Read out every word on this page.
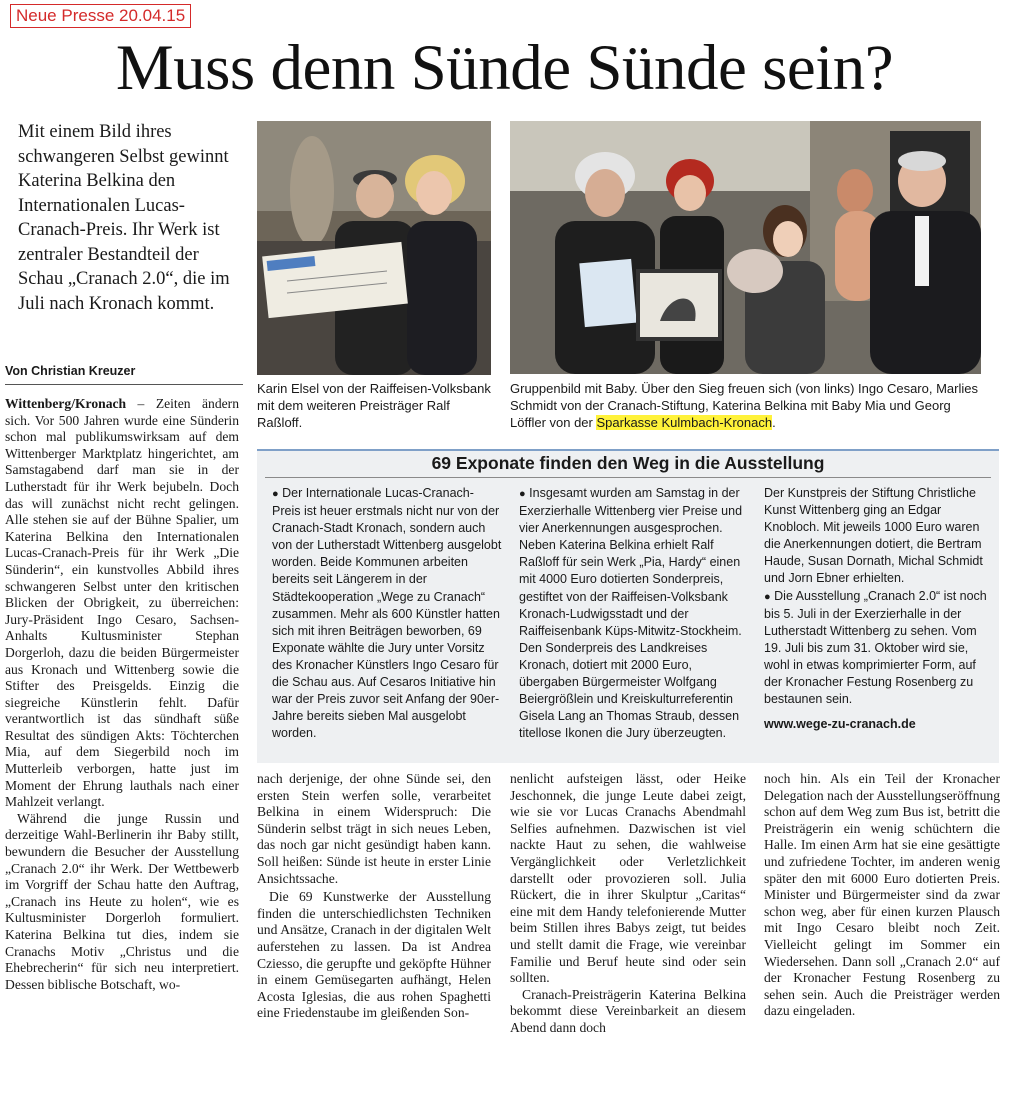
Neue Presse 20.04.15
Muss denn Sünde Sünde sein?

Mit einem Bild ihres schwangeren Selbst gewinnt Katerina Belkina den Internationalen Lucas-Cranach-Preis. Ihr Werk ist zentraler Bestandteil der Schau „Cranach 2.0“, die im Juli nach Kronach kommt.

Von Christian Kreuzer
Karin Elsel von der Raiffeisen-Volksbank mit dem weiteren Preisträger Ralf Raßloff.
Gruppenbild mit Baby. Über den Sieg freuen sich (von links) Ingo Cesaro, Marlies Schmidt von der Cranach-Stiftung, Katerina Belkina mit Baby Mia und Georg Löffler von der Sparkasse Kulmbach-Kronach.

Wittenberg/Kronach – Zeiten ändern sich. Vor 500 Jahren wurde eine Sünderin schon mal publikumswirksam auf dem Wittenberger Marktplatz hingerichtet, am Samstagabend darf man sie in der Lutherstadt für ihr Werk bejubeln. Doch das will zunächst nicht recht gelingen. Alle stehen sie auf der Bühne Spalier, um Katerina Belkina den Internationalen Lucas-Cranach-Preis für ihr Werk „Die Sünderin“, ein kunstvolles Abbild ihres schwangeren Selbst unter den kritischen Blicken der Obrigkeit, zu überreichen: Jury-Präsident Ingo Cesaro, Sachsen-Anhalts Kultusminister Stephan Dorgerloh, dazu die beiden Bürgermeister aus Kronach und Wittenberg sowie die Stifter des Preisgelds. Einzig die siegreiche Künstlerin fehlt. Dafür verantwortlich ist das sündhaft süße Resultat des sündigen Akts: Töchterchen Mia, auf dem Siegerbild noch im Mutterleib verborgen, hatte just im Moment der Ehrung lauthals nach einer Mahlzeit verlangt.

Während die junge Russin und derzeitige Wahl-Berlinerin ihr Baby stillt, bewundern die Besucher der Ausstellung „Cranach 2.0“ ihr Werk. Der Wettbewerb im Vorgriff der Schau hatte den Auftrag, „Cranach ins Heute zu holen“, wie es Kultusminister Dorgerloh formuliert. Katerina Belkina tut dies, indem sie Cranachs Motiv „Christus und die Ehebrecherin“ für sich neu interpretiert. Dessen biblische Botschaft, wo-

69 Exponate finden den Weg in die Ausstellung

● Der Internationale Lucas-Cranach-Preis ist heuer erstmals nicht nur von der Cranach-Stadt Kronach, sondern auch von der Lutherstadt Wittenberg ausgelobt worden. Beide Kommunen arbeiten bereits seit Längerem in der Städtekooperation „Wege zu Cranach“ zusammen. Mehr als 600 Künstler hatten sich mit ihren Beiträgen beworben, 69 Exponate wählte die Jury unter Vorsitz des Kronacher Künstlers Ingo Cesaro für die Schau aus. Auf Cesaros Initiative hin war der Preis zuvor seit Anfang der 90er-Jahre bereits sieben Mal ausgelobt worden.

● Insgesamt wurden am Samstag in der Exerzierhalle Wittenberg vier Preise und vier Anerkennungen ausgesprochen. Neben Katerina Belkina erhielt Ralf Raßloff für sein Werk „Pia, Hardy“ einen mit 4000 Euro dotierten Sonderpreis, gestiftet von der Raiffeisen-Volksbank Kronach-Ludwigsstadt und der Raiffeisenbank Küps-Mitwitz-Stockheim. Den Sonderpreis des Landkreises Kronach, dotiert mit 2000 Euro, übergaben Bürgermeister Wolfgang Beiergrößlein und Kreiskulturreferentin Gisela Lang an Thomas Straub, dessen titellose Ikonen die Jury überzeugten.

Der Kunstpreis der Stiftung Christliche Kunst Wittenberg ging an Edgar Knobloch. Mit jeweils 1000 Euro waren die Anerkennungen dotiert, die Bertram Haude, Susan Dornath, Michal Schmidt und Jorn Ebner erhielten.

● Die Ausstellung „Cranach 2.0“ ist noch bis 5. Juli in der Exerzierhalle in der Lutherstadt Wittenberg zu sehen. Vom 19. Juli bis zum 31. Oktober wird sie, wohl in etwas komprimierter Form, auf der Kronacher Festung Rosenberg zu bestaunen sein.

www.wege-zu-cranach.de

nach derjenige, der ohne Sünde sei, den ersten Stein werfen solle, verarbeitet Belkina in einem Widerspruch: Die Sünderin selbst trägt in sich neues Leben, das noch gar nicht gesündigt haben kann. Soll heißen: Sünde ist heute in erster Linie Ansichtssache.

Die 69 Kunstwerke der Ausstellung finden die unterschiedlichsten Techniken und Ansätze, Cranach in der digitalen Welt auferstehen zu lassen. Da ist Andrea Cziesso, die gerupfte und geköpfte Hühner in einem Gemüsegarten aufhängt, Helen Acosta Iglesias, die aus rohen Spaghetti eine Friedenstaube im gleißenden Son-

nenlicht aufsteigen lässt, oder Heike Jeschonnek, die junge Leute dabei zeigt, wie sie vor Lucas Cranachs Abendmahl Selfies aufnehmen. Dazwischen ist viel nackte Haut zu sehen, die wahlweise Vergänglichkeit oder Verletzlichkeit darstellt oder provozieren soll. Julia Rückert, die in ihrer Skulptur „Caritas“ eine mit dem Handy telefonierende Mutter beim Stillen ihres Babys zeigt, tut beides und stellt damit die Frage, wie vereinbar Familie und Beruf heute sind oder sein sollten.

Cranach-Preisträgerin Katerina Belkina bekommt diese Vereinbarkeit an diesem Abend dann doch

noch hin. Als ein Teil der Kronacher Delegation nach der Ausstellungseröffnung schon auf dem Weg zum Bus ist, betritt die Preisträgerin ein wenig schüchtern die Halle. Im einen Arm hat sie eine gesättigte und zufriedene Tochter, im anderen wenig später den mit 6000 Euro dotierten Preis. Minister und Bürgermeister sind da zwar schon weg, aber für einen kurzen Plausch mit Ingo Cesaro bleibt noch Zeit. Vielleicht gelingt im Sommer ein Wiedersehen. Dann soll „Cranach 2.0“ auf der Kronacher Festung Rosenberg zu sehen sein. Auch die Preisträger werden dazu eingeladen.
